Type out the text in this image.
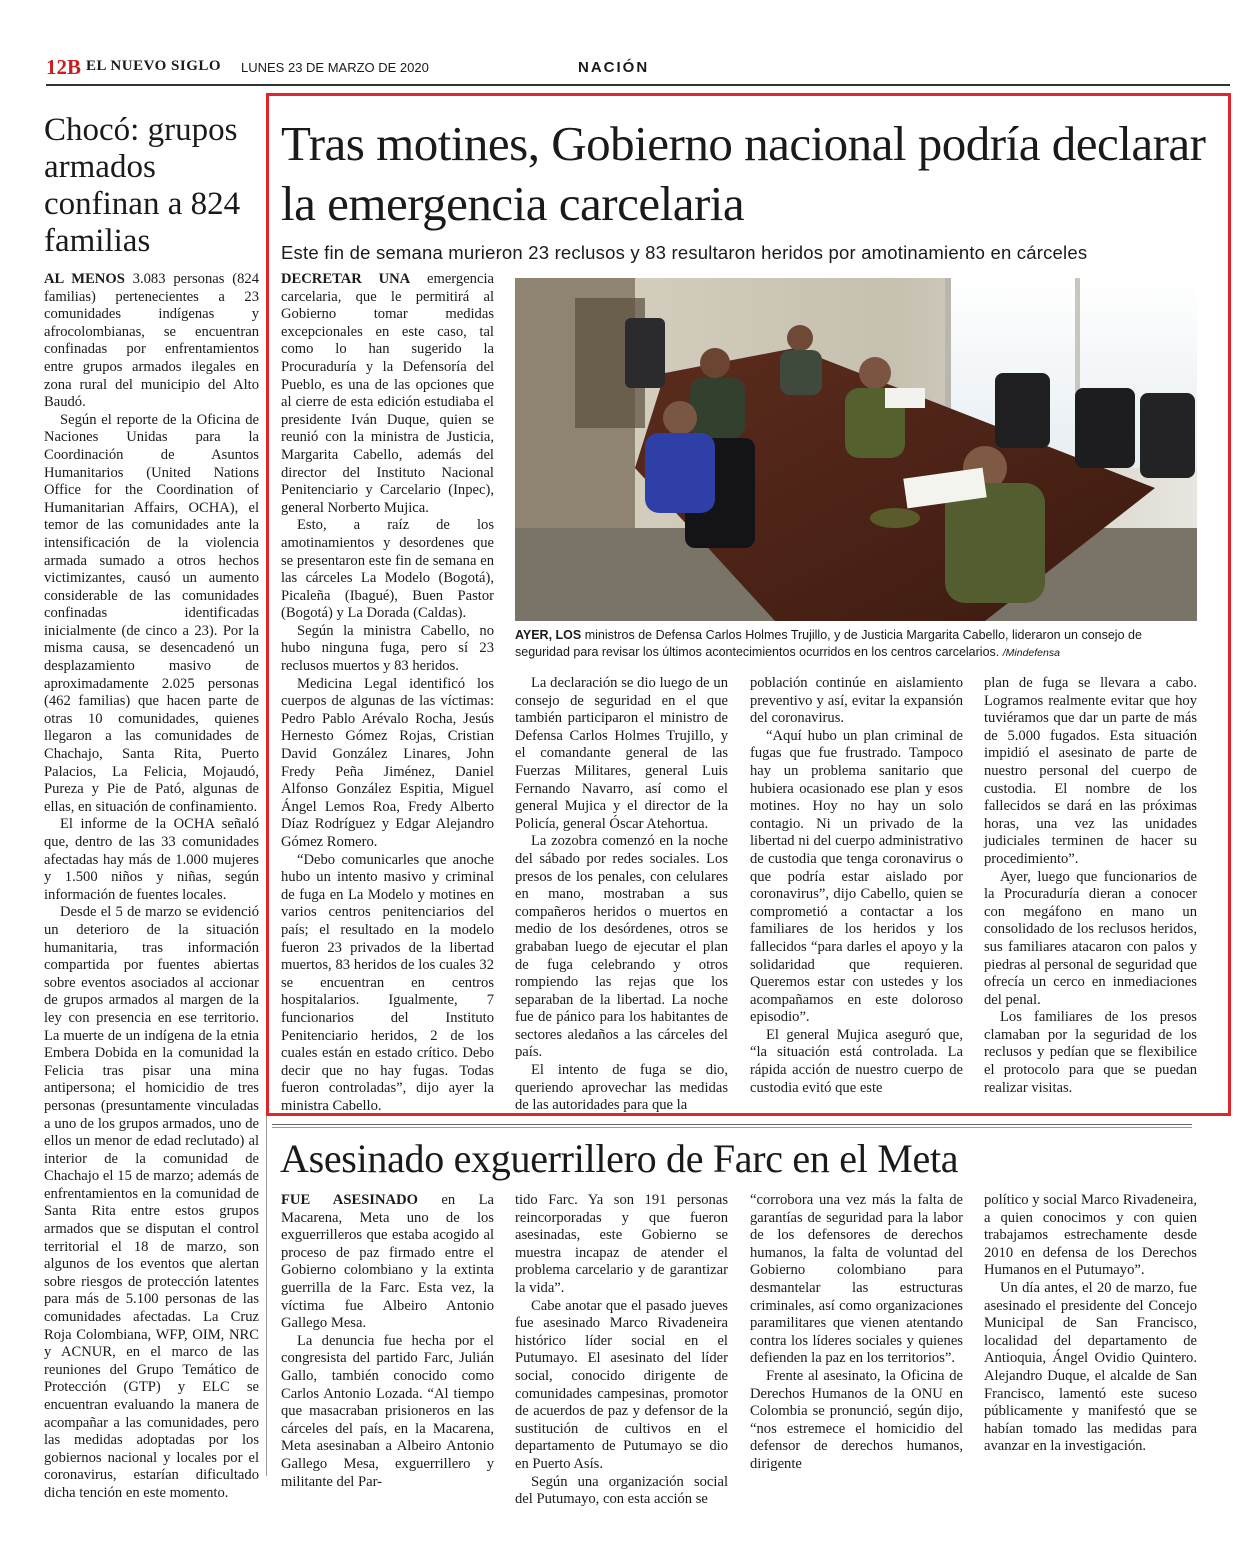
12B EL NUEVO SIGLO LUNES 23 DE MARZO DE 2020	NACIÓN
Chocó: grupos armados confinan a 824 familias

AL MENOS 3.083 personas (824 familias) pertenecientes a 23 comunidades indígenas y afrocolombianas, se encuentran confinadas por enfrentamientos entre grupos armados ilegales en zona rural del municipio del Alto Baudó.

Según el reporte de la Oficina de Naciones Unidas para la Coordinación de Asuntos Humanitarios (United Nations Office for the Coordination of Humanitarian Affairs, OCHA), el temor de las comunidades ante la intensificación de la violencia armada sumado a otros hechos victimizantes, causó un aumento considerable de las comunidades confinadas identificadas inicialmente (de cinco a 23). Por la misma causa, se desencadenó un desplazamiento masivo de aproximadamente 2.025 personas (462 familias) que hacen parte de otras 10 comunidades, quienes llegaron a las comunidades de Chachajo, Santa Rita, Puerto Palacios, La Felicia, Mojaudó, Pureza y Pie de Pató, algunas de ellas, en situación de confinamiento.

El informe de la OCHA señaló que, dentro de las 33 comunidades afectadas hay más de 1.000 mujeres y 1.500 niños y niñas, según información de fuentes locales.

Desde el 5 de marzo se evidenció un deterioro de la situación humanitaria, tras información compartida por fuentes abiertas sobre eventos asociados al accionar de grupos armados al margen de la ley con presencia en ese territorio. La muerte de un indígena de la etnia Embera Dobida en la comunidad la Felicia tras pisar una mina antipersona; el homicidio de tres personas (presuntamente vinculadas a uno de los grupos armados, uno de ellos un menor de edad reclutado) al interior de la comunidad de Chachajo el 15 de marzo; además de enfrentamientos en la comunidad de Santa Rita entre estos grupos armados que se disputan el control territorial el 18 de marzo, son algunos de los eventos que alertan sobre riesgos de protección latentes para más de 5.100 personas de las comunidades afectadas. La Cruz Roja Colombiana, WFP, OIM, NRC y ACNUR, en el marco de las reuniones del Grupo Temático de Protección (GTP) y ELC se encuentran evaluando la manera de acompañar a las comunidades, pero las medidas adoptadas por los gobiernos nacional y locales por el coronavirus, estarían dificultado dicha tención en este momento.

Tras motines, Gobierno nacional podría declarar la emergencia carcelaria
Este fin de semana murieron 23 reclusos y 83 resultaron heridos por amotinamiento en cárceles

DECRETAR UNA emergencia carcelaria, que le permitirá al Gobierno tomar medidas excepcionales en este caso, tal como lo han sugerido la Procuraduría y la Defensoría del Pueblo, es una de las opciones que al cierre de esta edición estudiaba el presidente Iván Duque, quien se reunió con la ministra de Justicia, Margarita Cabello, además del director del Instituto Nacional Penitenciario y Carcelario (Inpec), general Norberto Mujica.

Esto, a raíz de los amotinamientos y desordenes que se presentaron este fin de semana en las cárceles La Modelo (Bogotá), Picaleña (Ibagué), Buen Pastor (Bogotá) y La Dorada (Caldas).

Según la ministra Cabello, no hubo ninguna fuga, pero sí 23 reclusos muertos y 83 heridos.

Medicina Legal identificó los cuerpos de algunas de las víctimas: Pedro Pablo Arévalo Rocha, Jesús Hernesto Gómez Rojas, Cristian David González Linares, John Fredy Peña Jiménez, Daniel Alfonso González Espitia, Miguel Ángel Lemos Roa, Fredy Alberto Díaz Rodríguez y Edgar Alejandro Gómez Romero.

“Debo comunicarles que anoche hubo un intento masivo y criminal de fuga en La Modelo y motines en varios centros penitenciarios del país; el resultado en la modelo fueron 23 privados de la libertad muertos, 83 heridos de los cuales 32 se encuentran en centros hospitalarios. Igualmente, 7 funcionarios del Instituto Penitenciario heridos, 2 de los cuales están en estado crítico. Debo decir que no hay fugas. Todas fueron controladas”, dijo ayer la ministra Cabello.

AYER, LOS ministros de Defensa Carlos Holmes Trujillo, y de Justicia Margarita Cabello, lideraron un consejo de seguridad para revisar los últimos acontecimientos ocurridos en los centros carcelarios. /Mindefensa

La declaración se dio luego de un consejo de seguridad en el que también participaron el ministro de Defensa Carlos Holmes Trujillo, y el comandante general de las Fuerzas Militares, general Luis Fernando Navarro, así como el general Mujica y el director de la Policía, general Óscar Atehortua.

La zozobra comenzó en la noche del sábado por redes sociales. Los presos de los penales, con celulares en mano, mostraban a sus compañeros heridos o muertos en medio de los desórdenes, otros se grababan luego de ejecutar el plan de fuga celebrando y otros rompiendo las rejas que los separaban de la libertad. La noche fue de pánico para los habitantes de sectores aledaños a las cárceles del país.

El intento de fuga se dio, queriendo aprovechar las medidas de las autoridades para que la

población continúe en aislamiento preventivo y así, evitar la expansión del coronavirus.

“Aquí hubo un plan criminal de fugas que fue frustrado. Tampoco hay un problema sanitario que hubiera ocasionado ese plan y esos motines. Hoy no hay un solo contagio. Ni un privado de la libertad ni del cuerpo administrativo de custodia que tenga coronavirus o que podría estar aislado por coronavirus”, dijo Cabello, quien se comprometió a contactar a los familiares de los heridos y los fallecidos “para darles el apoyo y la solidaridad que requieren. Queremos estar con ustedes y los acompañamos en este doloroso episodio”.

El general Mujica aseguró que, “la situación está controlada. La rápida acción de nuestro cuerpo de custodia evitó que este

plan de fuga se llevara a cabo. Logramos realmente evitar que hoy tuviéramos que dar un parte de más de 5.000 fugados. Esta situación impidió el asesinato de parte de nuestro personal del cuerpo de custodia. El nombre de los fallecidos se dará en las próximas horas, una vez las unidades judiciales terminen de hacer su procedimiento”.

Ayer, luego que funcionarios de la Procuraduría dieran a conocer con megáfono en mano un consolidado de los reclusos heridos, sus familiares atacaron con palos y piedras al personal de seguridad que ofrecía un cerco en inmediaciones del penal.

Los familiares de los presos clamaban por la seguridad de los reclusos y pedían que se flexibilice el protocolo para que se puedan realizar visitas.

Asesinado exguerrillero de Farc en el Meta

FUE ASESINADO en La Macarena, Meta uno de los exguerrilleros que estaba acogido al proceso de paz firmado entre el Gobierno colombiano y la extinta guerrilla de la Farc. Esta vez, la víctima fue Albeiro Antonio Gallego Mesa.

La denuncia fue hecha por el congresista del partido Farc, Julián Gallo, también conocido como Carlos Antonio Lozada. “Al tiempo que masacraban prisioneros en las cárceles del país, en la Macarena, Meta asesinaban a Albeiro Antonio Gallego Mesa, exguerrillero y militante del Par-

tido Farc. Ya son 191 personas reincorporadas y que fueron asesinadas, este Gobierno se muestra incapaz de atender el problema carcelario y de garantizar la vida”.

Cabe anotar que el pasado jueves fue asesinado Marco Rivadeneira histórico líder social en el Putumayo. El asesinato del líder social, conocido dirigente de comunidades campesinas, promotor de acuerdos de paz y defensor de la sustitución de cultivos en el departamento de Putumayo se dio en Puerto Asís.

Según una organización social del Putumayo, con esta acción se

“corrobora una vez más la falta de garantías de seguridad para la labor de los defensores de derechos humanos, la falta de voluntad del Gobierno colombiano para desmantelar las estructuras criminales, así como organizaciones paramilitares que vienen atentando contra los líderes sociales y quienes defienden la paz en los territorios”.

Frente al asesinato, la Oficina de Derechos Humanos de la ONU en Colombia se pronunció, según dijo, “nos estremece el homicidio del defensor de derechos humanos, dirigente

político y social Marco Rivadeneira, a quien conocimos y con quien trabajamos estrechamente desde 2010 en defensa de los Derechos Humanos en el Putumayo”.

Un día antes, el 20 de marzo, fue asesinado el presidente del Concejo Municipal de San Francisco, localidad del departamento de Antioquia, Ángel Ovidio Quintero. Alejandro Duque, el alcalde de San Francisco, lamentó este suceso públicamente y manifestó que se habían tomado las medidas para avanzar en la investigación.
